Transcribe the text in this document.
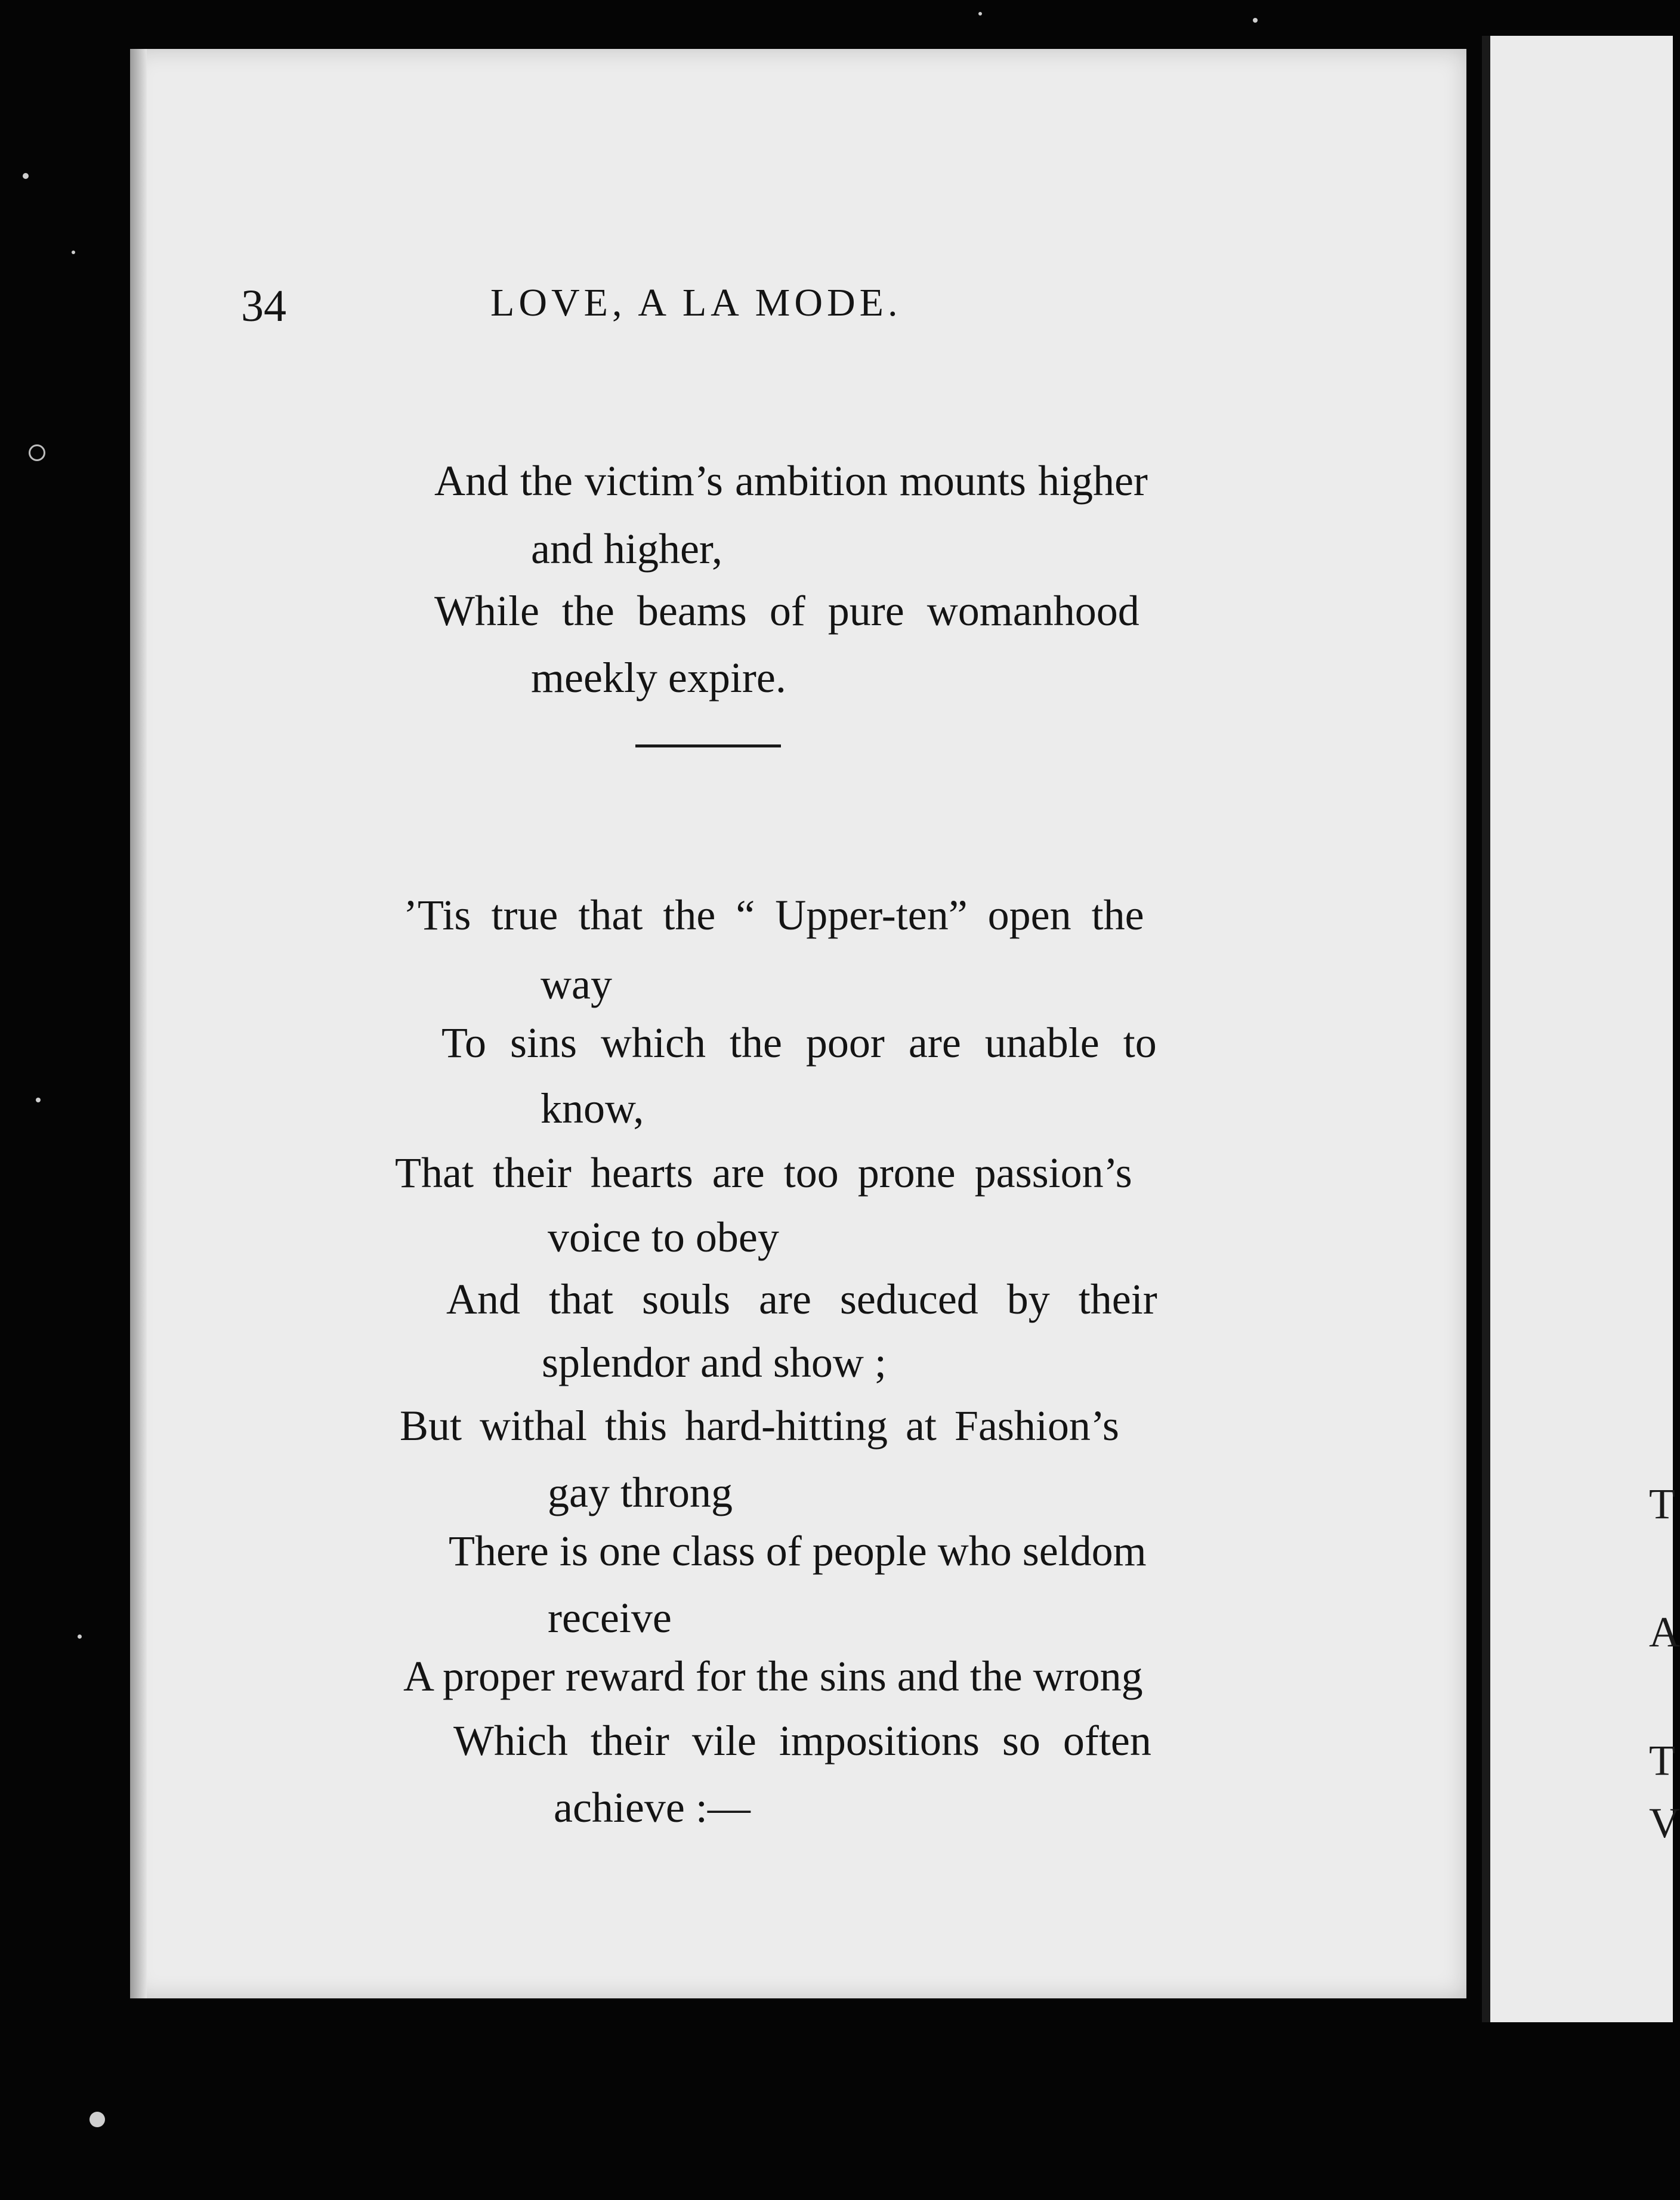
T
A
T
V
34	LOVE, A LA MODE.
And the victim’s ambition mounts higher
and higher,
While the beams of pure womanhood
meekly expire.
’Tis true that the “ Upper-ten” open the
way
To sins which the poor are unable to
know,
That their hearts are too prone passion’s
voice to obey
And that souls are seduced by their
splendor and show ;
But withal this hard-hitting at Fashion’s
gay throng
There is one class of people who seldom
receive
A proper reward for the sins and the wrong
Which their vile impositions so often
achieve :—
